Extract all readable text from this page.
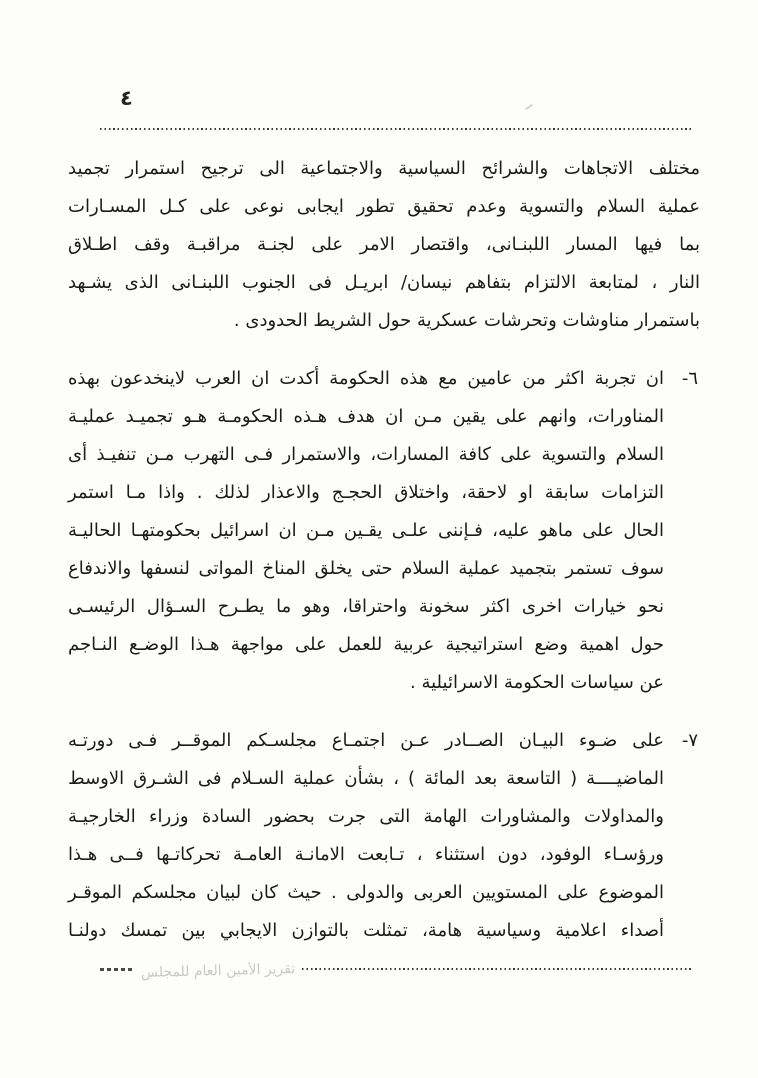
٤
مختلف الاتجاهات والشرائح السياسية والاجتماعية الى ترجيح استمرار تجميد
عملية السلام والتسوية وعدم تحقيق تطور ايجابى نوعى على كـل المسـارات
بما فيها المسار اللبنـانى، واقتصار الامر على لجنـة مراقبـة وقف اطـلاق
النار ، لمتابعة الالتزام بتفاهم نيسان/ ابريـل فى الجنوب اللبنـانى الذى يشـهد
باستمرار مناوشات وتحرشات عسكرية حول الشريط الحدودى .
٦-
ان تجربة اكثر من عامين مع هذه الحكومة أكدت ان العرب لاينخدعون بهذه
المناورات، وانهم على يقين مـن ان هدف هـذه الحكومـة هـو تجميـد عمليـة
السلام والتسوية على كافة المسارات، والاستمرار فـى التهرب مـن تنفيـذ أى
التزامات سابقة او لاحقة، واختلاق الحجـج والاعذار لذلك . واذا مـا استمر
الحال على ماهو عليه، فـإننى علـى يقـين مـن ان اسرائيل بحكومتهـا الحاليـة
سوف تستمر بتجميد عملية السلام حتى يخلق المناخ المواتى لنسفها والاندفاع
نحو خيارات اخرى اكثر سخونة واحتراقا، وهو ما يطـرح السـؤال الرئيسـى
حول اهمية وضع استراتيجية عربية للعمل على مواجهة هـذا الوضـع النـاجم
عن سياسات الحكومة الاسرائيلية .
٧-
على ضـوء البيـان الصــادر عـن اجتمـاع مجلسـكم الموقــر فـى دورتـه
الماضيــــة ( التاسعة بعد المائة ) ، بشأن عملية السـلام فى الشـرق الاوسط
والمداولات والمشاورات الهامة التى جرت بحضور السادة وزراء الخارجيـة
ورؤسـاء الوفود، دون استثناء ، تـابعت الامانـة العامـة تحركاتـها فــى هـذا
الموضوع على المستويين العربى والدولى . حيث كان لبيان مجلسكم الموقـر
أصداء اعلامية وسياسية هامة، تمثلت بالتوازن الايجابي بين تمسك دولنـا
تقرير الأمين العام للمجلس
